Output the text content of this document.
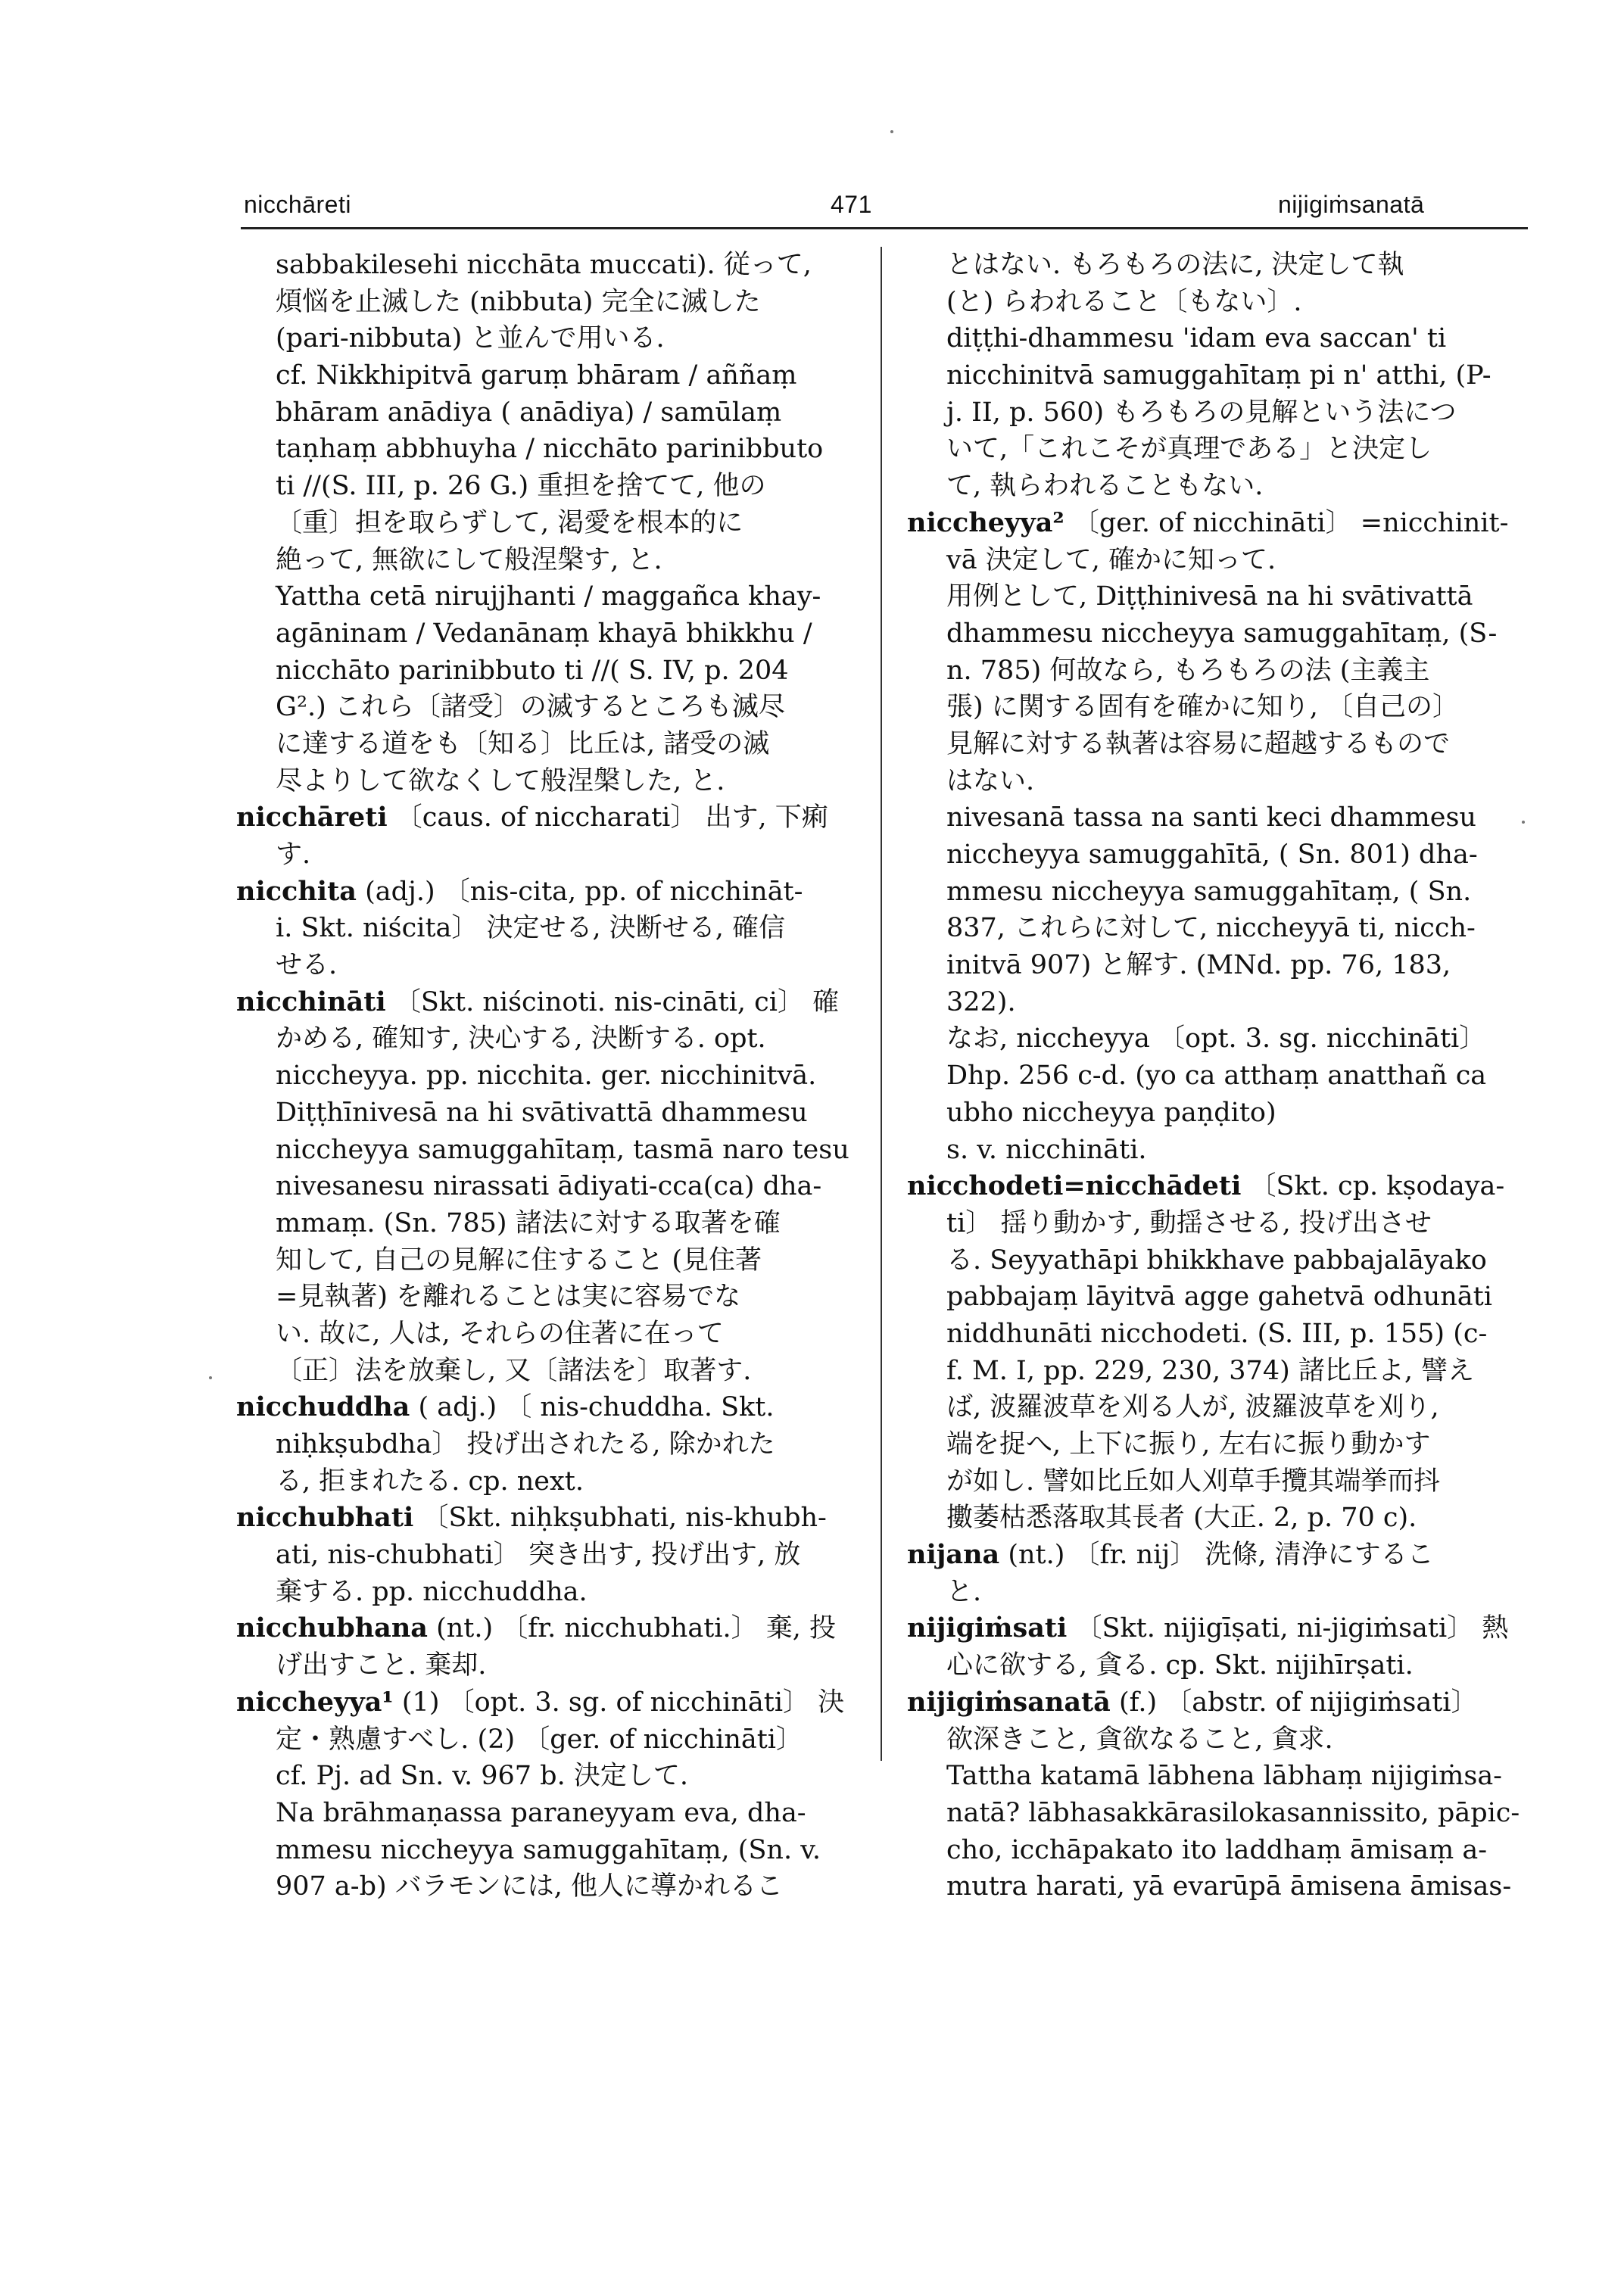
nicchāreti	471	nijigiṁsanatā
sabbakilesehi nicchāta muccati). 従って,
煩悩を止滅した (nibbuta) 完全に滅した
(pari-nibbuta) と並んで用いる.
cf. Nikkhipitvā garuṃ bhāram / aññaṃ
bhāram anādiya ( anādiya) / samūlaṃ
taṇhaṃ abbhuyha / nicchāto parinibbuto
ti //(S. III, p. 26 G.) 重担を捨てて, 他の
〔重〕担を取らずして, 渇愛を根本的に
絶って, 無欲にして般涅槃す, と.
Yattha cetā nirujjhanti / maggañca khay-
agāninam / Vedanānaṃ khayā bhikkhu /
nicchāto parinibbuto ti //( S. IV, p. 204
G².) これら〔諸受〕の滅するところも滅尽
に達する道をも〔知る〕比丘は, 諸受の滅
尽よりして欲なくして般涅槃した, と.
nicchāreti 〔caus. of niccharati〕 出す, 下痢
す.
nicchita (adj.) 〔nis-cita, pp. of nicchināt-
i. Skt. niścita〕 決定せる, 決断せる, 確信
せる.
nicchināti 〔Skt. niścinoti. nis-cināti, ci〕 確
かめる, 確知す, 決心する, 決断する. opt.
niccheyya. pp. nicchita. ger. nicchinitvā.
Diṭṭhīnivesā na hi svātivattā dhammesu
niccheyya samuggahītaṃ, tasmā naro tesu
nivesanesu nirassati ādiyati-cca(ca) dha-
mmaṃ. (Sn. 785) 諸法に対する取著を確
知して, 自己の見解に住すること (見住著
=見執著) を離れることは実に容易でな
い. 故に, 人は, それらの住著に在って
〔正〕法を放棄し, 又〔諸法を〕取著す.
nicchuddha ( adj.) 〔 nis-chuddha. Skt.
niḥkṣubdha〕 投げ出されたる, 除かれた
る, 拒まれたる. cp. next.
nicchubhati 〔Skt. niḥkṣubhati, nis-khubh-
ati, nis-chubhati〕 突き出す, 投げ出す, 放
棄する. pp. nicchuddha.
nicchubhana (nt.) 〔fr. nicchubhati.〕 棄, 投
げ出すこと. 棄却.
niccheyya¹ (1) 〔opt. 3. sg. of nicchināti〕 決
定・熟慮すべし. (2) 〔ger. of nicchināti〕
cf. Pj. ad Sn. v. 967 b. 決定して.
Na brāhmaṇassa paraneyyam eva, dha-
mmesu niccheyya samuggahītaṃ, (Sn. v.
907 a-b) バラモンには, 他人に導かれるこ
とはない. もろもろの法に, 決定して執
(と) らわれること〔もない〕.
diṭṭhi-dhammesu 'idam eva saccan' ti
nicchinitvā samuggahītaṃ pi n' atthi, (P-
j. II, p. 560) もろもろの見解という法につ
いて,「これこそが真理である」と決定し
て, 執らわれることもない.
niccheyya² 〔ger. of nicchināti〕 =nicchinit-
vā 決定して, 確かに知って.
用例として, Diṭṭhinivesā na hi svātivattā
dhammesu niccheyya samuggahītaṃ, (S-
n. 785) 何故なら, もろもろの法 (主義主
張) に関する固有を確かに知り, 〔自己の〕
見解に対する執著は容易に超越するもので
はない.
nivesanā tassa na santi keci dhammesu
niccheyya samuggahītā, ( Sn. 801) dha-
mmesu niccheyya samuggahītaṃ, ( Sn.
837, これらに対して, niccheyyā ti, nicch-
initvā 907) と解す. (MNd. pp. 76, 183,
322).
なお, niccheyya 〔opt. 3. sg. nicchināti〕
Dhp. 256 c-d. (yo ca atthaṃ anatthañ ca
ubho niccheyya paṇḍito)
s. v. nicchināti.
nicchodeti=nicchādeti 〔Skt. cp. kṣodaya-
ti〕 揺り動かす, 動揺させる, 投げ出させ
る. Seyyathāpi bhikkhave pabbajalāyako
pabbajaṃ lāyitvā agge gahetvā odhunāti
niddhunāti nicchodeti. (S. III, p. 155) (c-
f. M. I, pp. 229, 230, 374) 諸比丘よ, 譬え
ば, 波羅波草を刈る人が, 波羅波草を刈り,
端を捉へ, 上下に振り, 左右に振り動かす
が如し. 譬如比丘如人刈草手攬其端挙而抖
擻萎枯悉落取其長者 (大正. 2, p. 70 c).
nijana (nt.) 〔fr. nij〕 洗條, 清浄にするこ
と.
nijigiṁsati 〔Skt. nijigīṣati, ni-jigiṁsati〕 熱
心に欲する, 貪る. cp. Skt. nijihīrṣati.
nijigiṁsanatā (f.) 〔abstr. of nijigiṁsati〕
欲深きこと, 貪欲なること, 貪求.
Tattha katamā lābhena lābhaṃ nijigiṁsa-
natā? lābhasakkārasilokasannissito, pāpic-
cho, icchāpakato ito laddhaṃ āmisaṃ a-
mutra harati, yā evarūpā āmisena āmisas-
